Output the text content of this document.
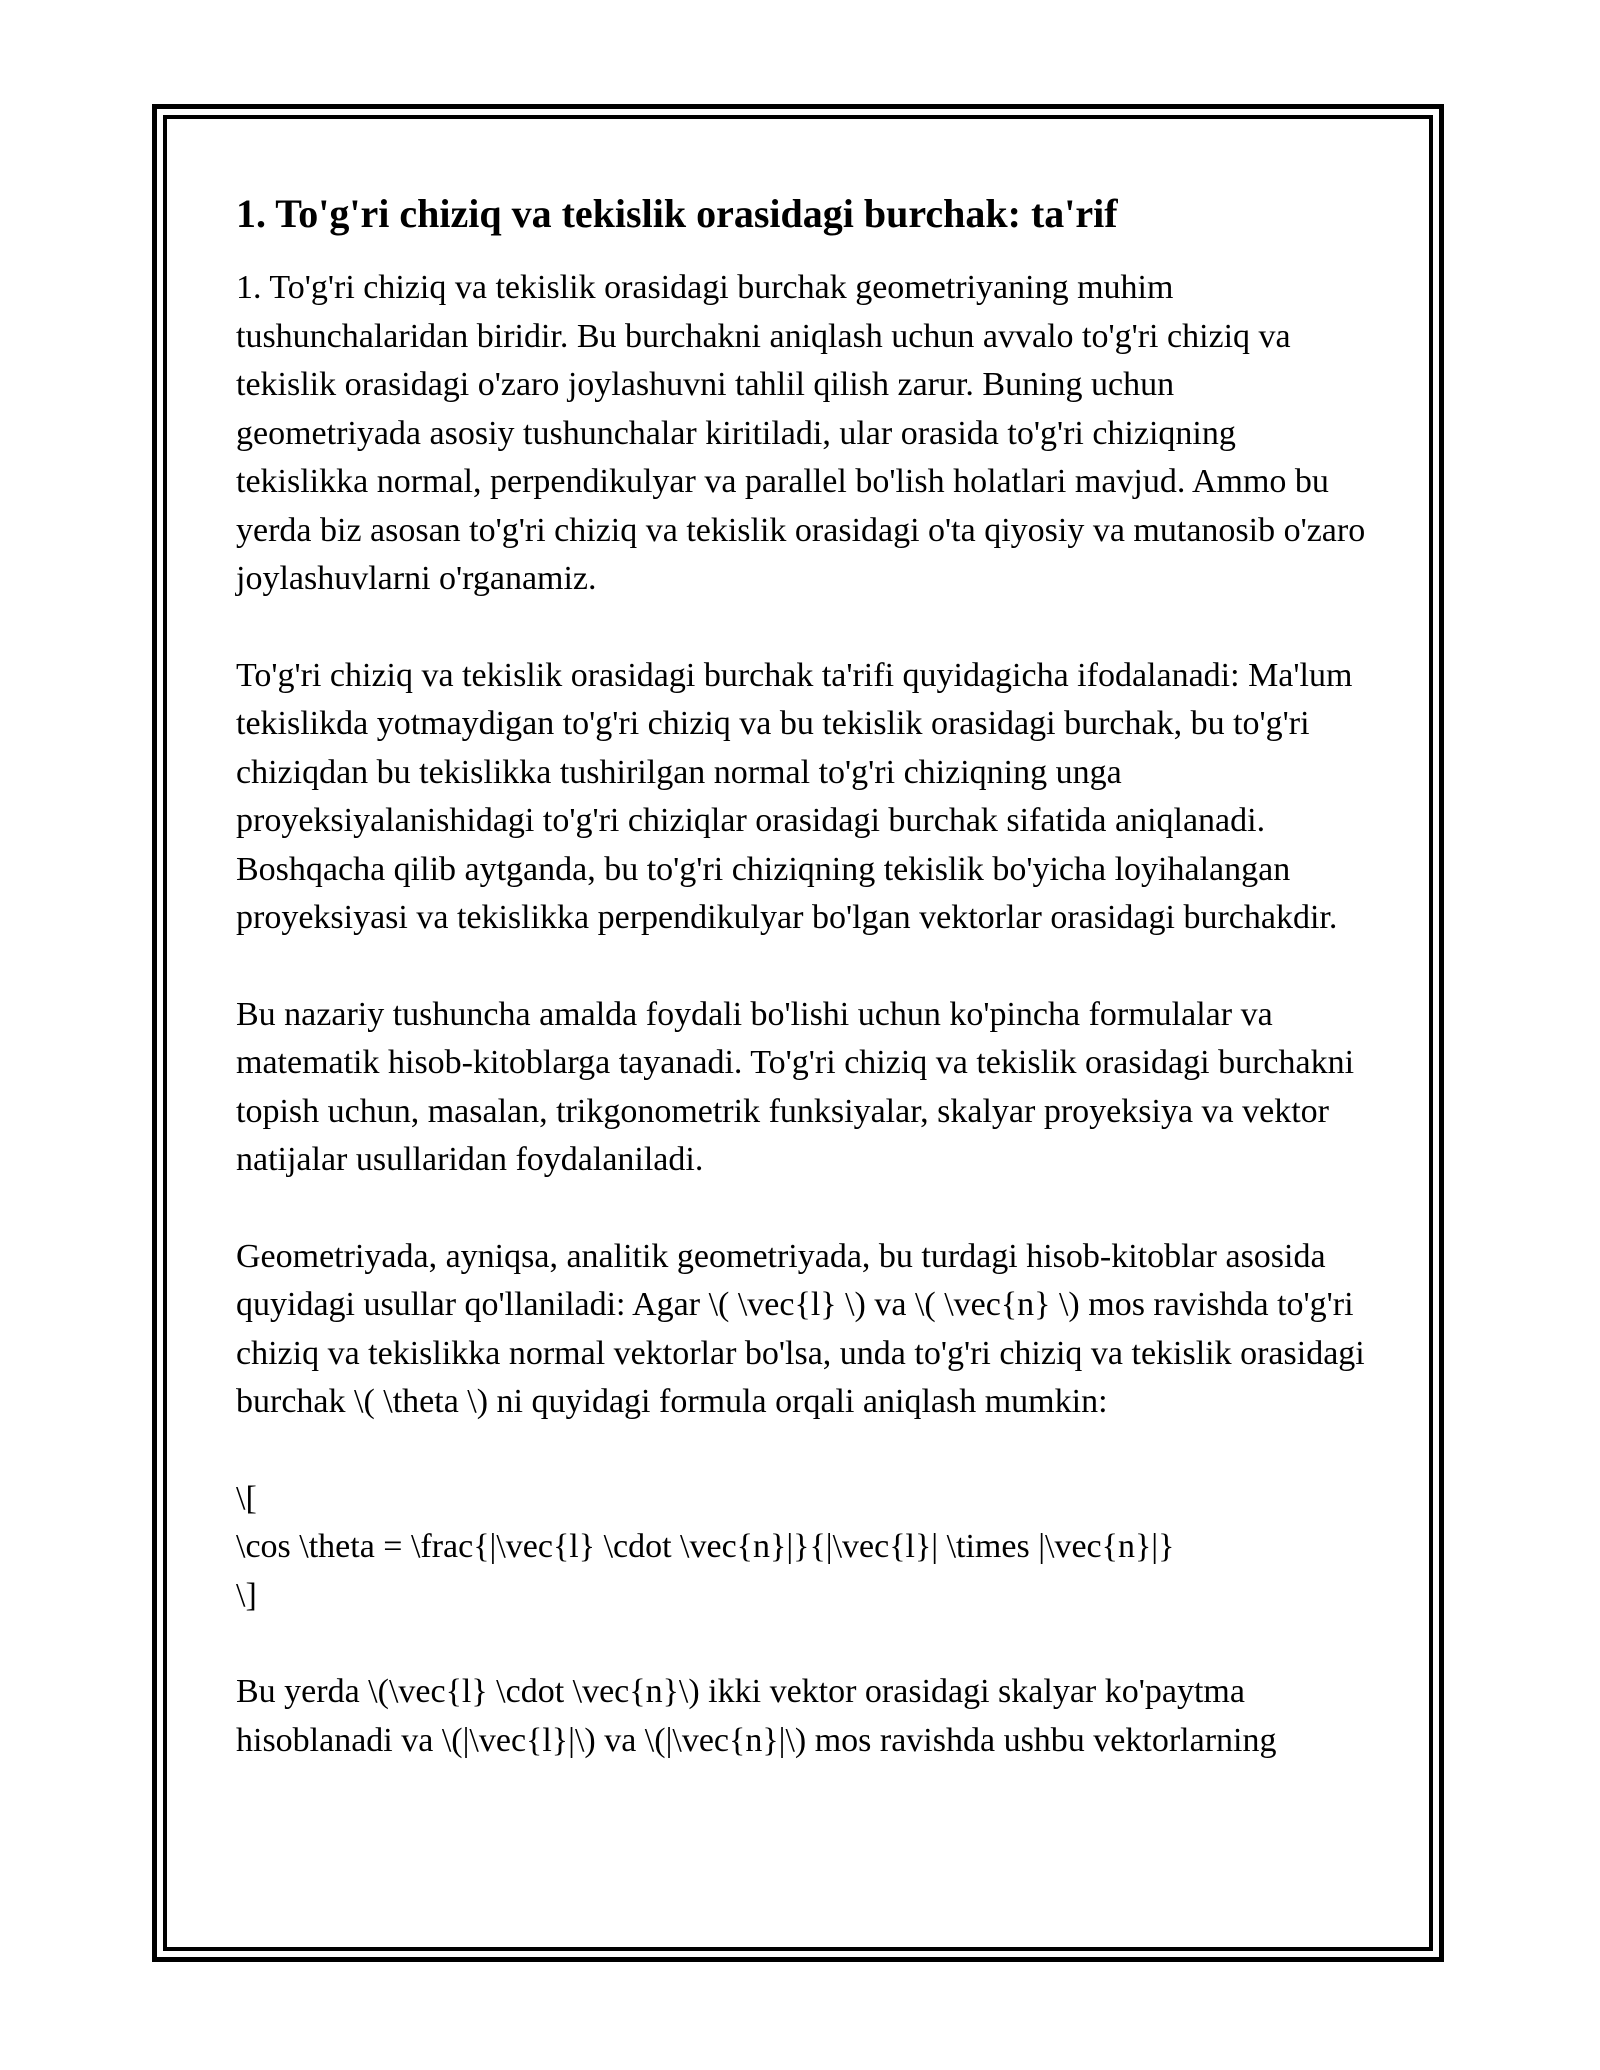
1. To'g'ri chiziq va tekislik orasidagi burchak: ta'rif

1. To'g'ri chiziq va tekislik orasidagi burchak geometriyaning muhim tushunchalaridan biridir. Bu burchakni aniqlash uchun avvalo to'g'ri chiziq va tekislik orasidagi o'zaro joylashuvni tahlil qilish zarur. Buning uchun geometriyada asosiy tushunchalar kiritiladi, ular orasida to'g'ri chiziqning tekislikka normal, perpendikulyar va parallel bo'lish holatlari mavjud. Ammo bu yerda biz asosan to'g'ri chiziq va tekislik orasidagi o'ta qiyosiy va mutanosib o'zaro joylashuvlarni o'rganamiz.

To'g'ri chiziq va tekislik orasidagi burchak ta'rifi quyidagicha ifodalanadi: Ma'lum tekislikda yotmaydigan to'g'ri chiziq va bu tekislik orasidagi burchak, bu to'g'ri chiziqdan bu tekislikka tushirilgan normal to'g'ri chiziqning unga proyeksiyalanishidagi to'g'ri chiziqlar orasidagi burchak sifatida aniqlanadi. Boshqacha qilib aytganda, bu to'g'ri chiziqning tekislik bo'yicha loyihalangan proyeksiyasi va tekislikka perpendikulyar bo'lgan vektorlar orasidagi burchakdir.

Bu nazariy tushuncha amalda foydali bo'lishi uchun ko'pincha formulalar va matematik hisob-kitoblarga tayanadi. To'g'ri chiziq va tekislik orasidagi burchakni topish uchun, masalan, trikgonometrik funksiyalar, skalyar proyeksiya va vektor natijalar usullaridan foydalaniladi.

Geometriyada, ayniqsa, analitik geometriyada, bu turdagi hisob-kitoblar asosida quyidagi usullar qo'llaniladi: Agar \( \vec{l} \) va \( \vec{n} \) mos ravishda to'g'ri chiziq va tekislikka normal vektorlar bo'lsa, unda to'g'ri chiziq va tekislik orasidagi burchak \( \theta \) ni quyidagi formula orqali aniqlash mumkin:

\[
\cos \theta = \frac{|\vec{l} \cdot \vec{n}|}{|\vec{l}| \times |\vec{n}|}
\]

Bu yerda \(\vec{l} \cdot \vec{n}\) ikki vektor orasidagi skalyar ko'paytma hisoblanadi va \(|\vec{l}|\) va \(|\vec{n}|\) mos ravishda ushbu vektorlarning
